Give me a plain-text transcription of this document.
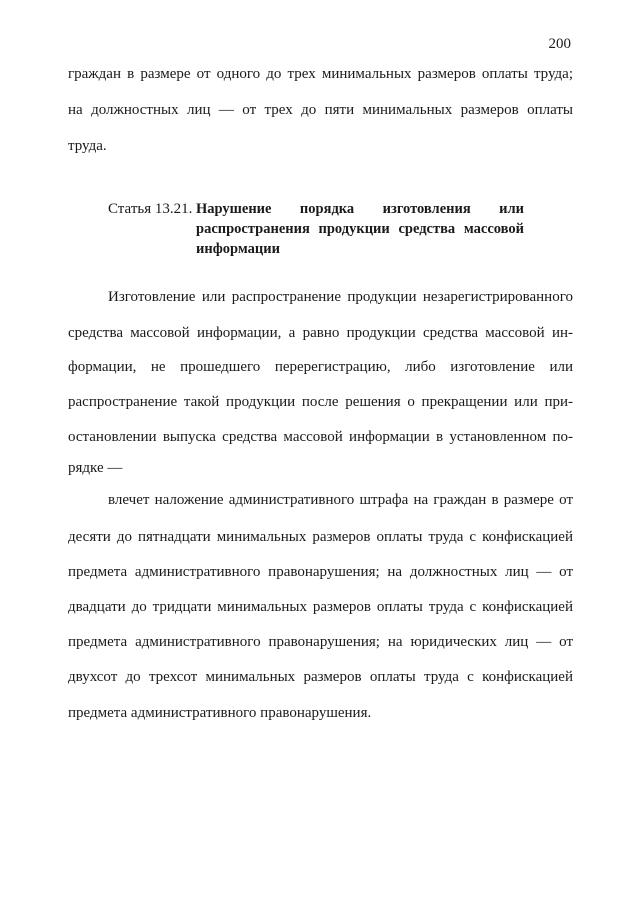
200
граждан в размере от одного до трех минимальных размеров оплаты труда;
на должностных лиц — от трех до пяти минимальных размеров оплаты
труда.
Статья 13.21. Нарушение порядка изготовления или
распространения продукции средства массовой
информации
Изготовление или распространение продукции незарегистрированного
средства массовой информации, а равно продукции средства массовой ин-
формации, не прошедшего перерегистрацию, либо изготовление или
распространение такой продукции после решения о прекращении или при-
остановлении выпуска средства массовой информации в установленном по-
рядке —
влечет наложение административного штрафа на граждан в размере от
десяти до пятнадцати минимальных размеров оплаты труда с конфискацией
предмета административного правонарушения; на должностных лиц — от
двадцати до тридцати минимальных размеров оплаты труда с конфискацией
предмета административного правонарушения; на юридических лиц — от
двухсот до трехсот минимальных размеров оплаты труда с конфискацией
предмета административного правонарушения.
